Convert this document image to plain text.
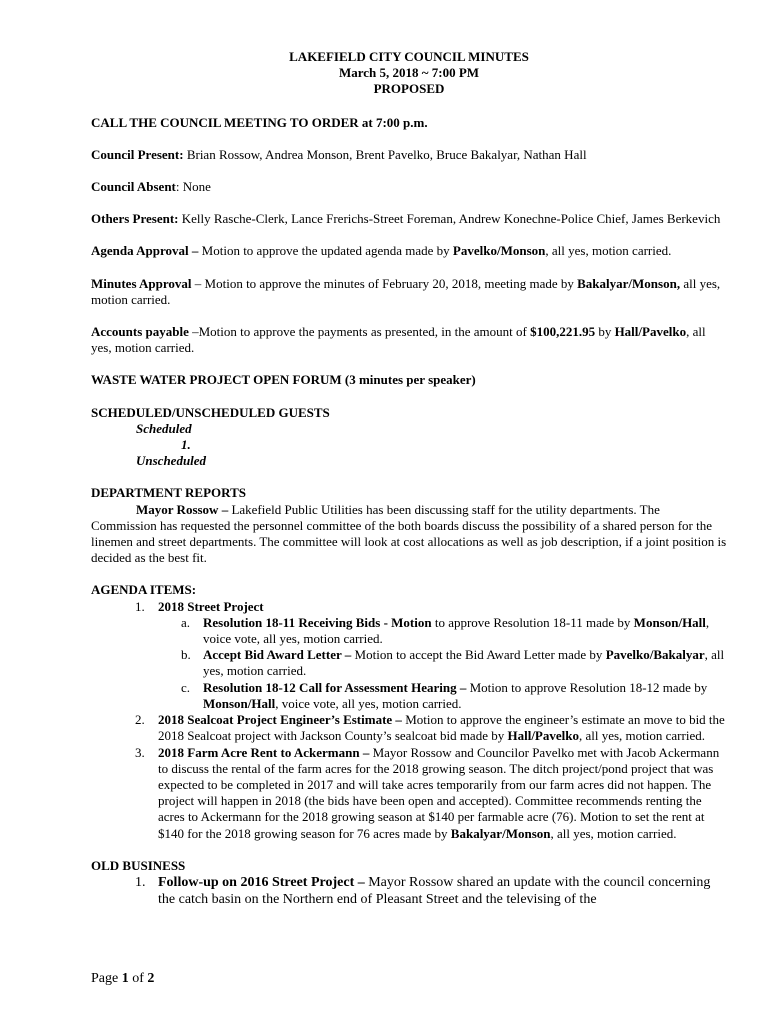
LAKEFIELD CITY COUNCIL MINUTES
March 5, 2018 ~ 7:00 PM
PROPOSED
CALL THE COUNCIL MEETING TO ORDER at 7:00 p.m.
Council Present: Brian Rossow, Andrea Monson, Brent Pavelko, Bruce Bakalyar, Nathan Hall
Council Absent: None
Others Present: Kelly Rasche-Clerk, Lance Frerichs-Street Foreman, Andrew Konechne-Police Chief, James Berkevich
Agenda Approval – Motion to approve the updated agenda made by Pavelko/Monson, all yes, motion carried.
Minutes Approval – Motion to approve the minutes of February 20, 2018, meeting made by Bakalyar/Monson, all yes, motion carried.
Accounts payable –Motion to approve the payments as presented, in the amount of $100,221.95 by Hall/Pavelko, all yes, motion carried.
WASTE WATER PROJECT OPEN FORUM (3 minutes per speaker)
SCHEDULED/UNSCHEDULED GUESTS
Scheduled
1.
Unscheduled
DEPARTMENT REPORTS
Mayor Rossow – Lakefield Public Utilities has been discussing staff for the utility departments. The Commission has requested the personnel committee of the both boards discuss the possibility of a shared person for the linemen and street departments. The committee will look at cost allocations as well as job description, if a joint position is decided as the best fit.
AGENDA ITEMS:
1. 2018 Street Project
a. Resolution 18-11 Receiving Bids - Motion to approve Resolution 18-11 made by Monson/Hall, voice vote, all yes, motion carried.
b. Accept Bid Award Letter – Motion to accept the Bid Award Letter made by Pavelko/Bakalyar, all yes, motion carried.
c. Resolution 18-12 Call for Assessment Hearing – Motion to approve Resolution 18-12 made by Monson/Hall, voice vote, all yes, motion carried.
2. 2018 Sealcoat Project Engineer’s Estimate – Motion to approve the engineer’s estimate an move to bid the 2018 Sealcoat project with Jackson County’s sealcoat bid made by Hall/Pavelko, all yes, motion carried.
3. 2018 Farm Acre Rent to Ackermann – Mayor Rossow and Councilor Pavelko met with Jacob Ackermann to discuss the rental of the farm acres for the 2018 growing season. The ditch project/pond project that was expected to be completed in 2017 and will take acres temporarily from our farm acres did not happen. The project will happen in 2018 (the bids have been open and accepted). Committee recommends renting the acres to Ackermann for the 2018 growing season at $140 per farmable acre (76). Motion to set the rent at $140 for the 2018 growing season for 76 acres made by Bakalyar/Monson, all yes, motion carried.
OLD BUSINESS
1. Follow-up on 2016 Street Project – Mayor Rossow shared an update with the council concerning the catch basin on the Northern end of Pleasant Street and the televising of the
Page 1 of 2
